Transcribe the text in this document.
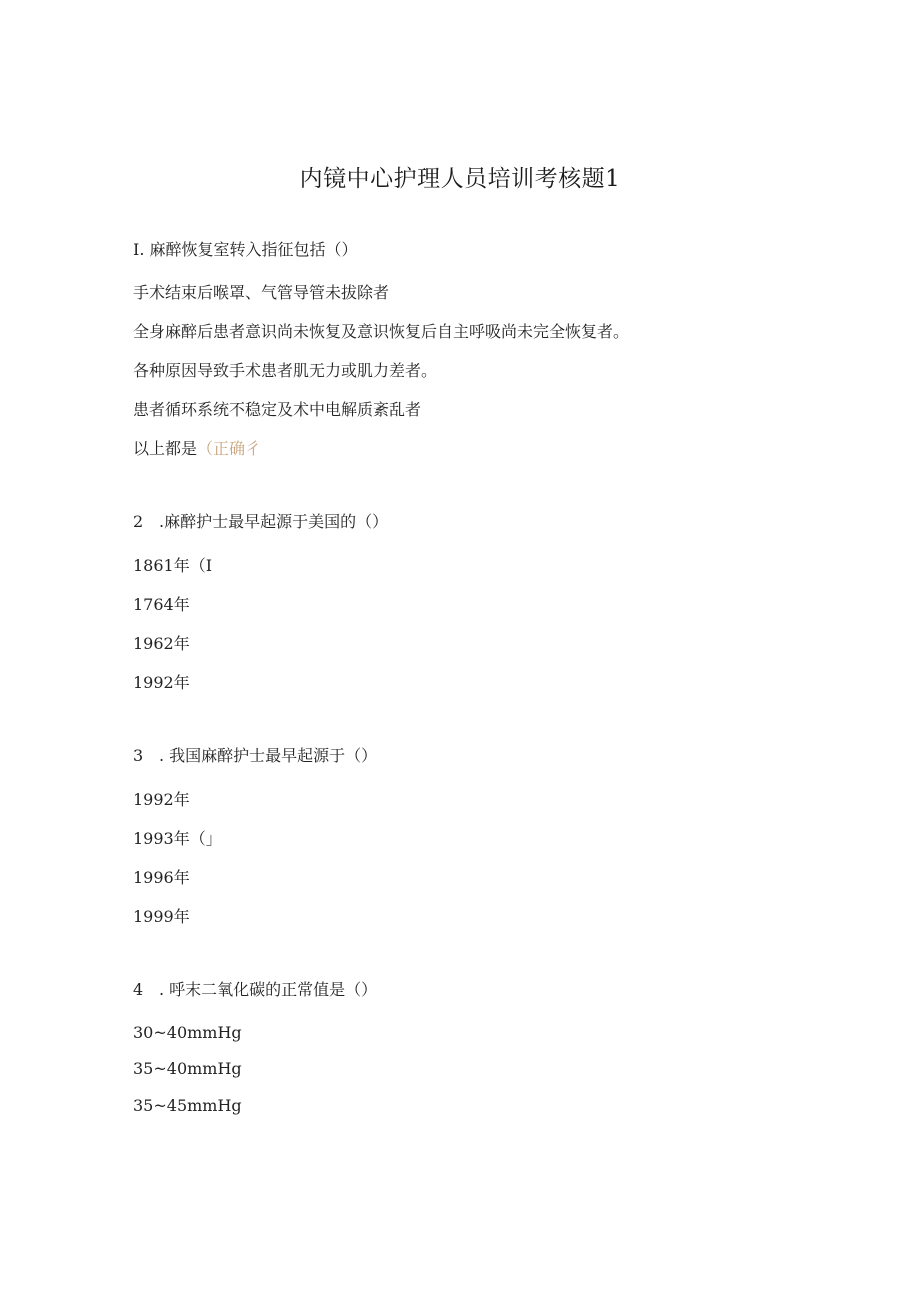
内镜中心护理人员培训考核题1
I. 麻醉恢复室转入指征包括（）
手术结束后喉罩、气管导管未拔除者
全身麻醉后患者意识尚未恢复及意识恢复后自主呼吸尚未完全恢复者。
各种原因导致手术患者肌无力或肌力差者。
患者循环系统不稳定及术中电解质紊乱者
以上都是（正确彳
2 .麻醉护士最早起源于美国的（）
1861年（I
1764年
1962年
1992年
3 . 我国麻醉护士最早起源于（）
1992年
1993年（」
1996年
1999年
4 . 呼末二氧化碳的正常值是（）
30~40mmHg
35~40mmHg
35~45mmHg
